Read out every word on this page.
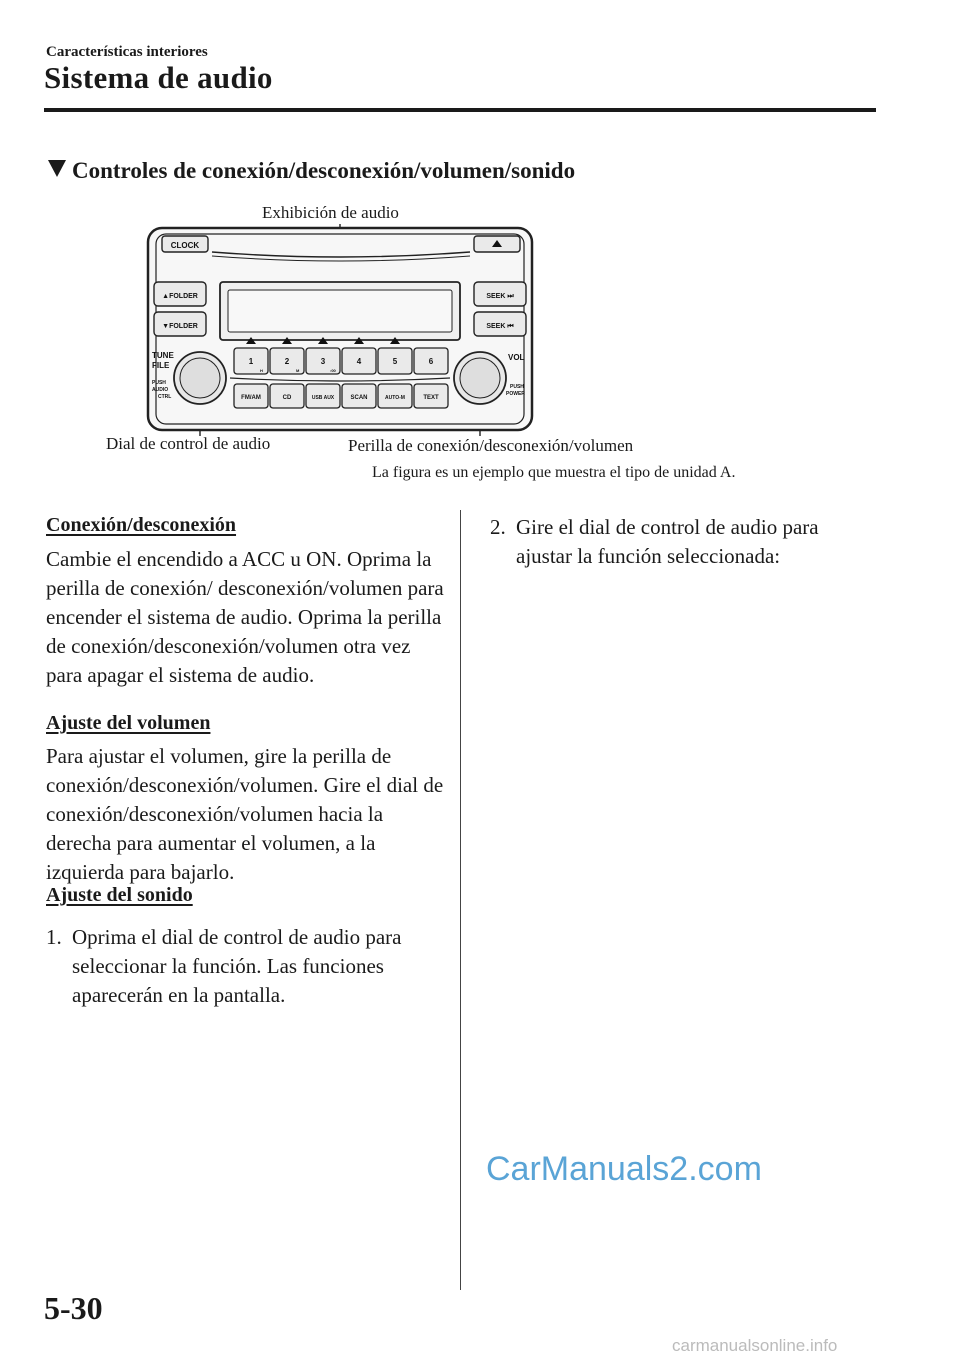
Características interiores
Sistema de audio
Controles de conexión/desconexión/volumen/sonido
Exhibición de audio
Dial de control de audio	Perilla de conexión/desconexión/volumen
CLOCK
▲FOLDER
▼FOLDER
SEEK ⏭
SEEK ⏮
TUNE
FILE
PUSH
AUDIO
CTRL
VOL
PUSH
POWER
1	2	3	4	5	6
H	M	:00
FM/AM	CD	USB AUX	SCAN	AUTO-M	TEXT
La figura es un ejemplo que muestra el tipo de unidad A.
Conexión/desconexión
Cambie el encendido a ACC u ON. Oprima la perilla de conexión/ desconexión/volumen para encender el sistema de audio. Oprima la perilla de conexión/desconexión/volumen otra vez para apagar el sistema de audio.
Ajuste del volumen
Para ajustar el volumen, gire la perilla de conexión/desconexión/volumen. Gire el dial de conexión/desconexión/volumen hacia la derecha para aumentar el volumen, a la izquierda para bajarlo.
Ajuste del sonido
1. Oprima el dial de control de audio para seleccionar la función. Las funciones aparecerán en la pantalla.
2. Gire el dial de control de audio para ajustar la función seleccionada:
CarManuals2.com
5-30
carmanualsonline.info
